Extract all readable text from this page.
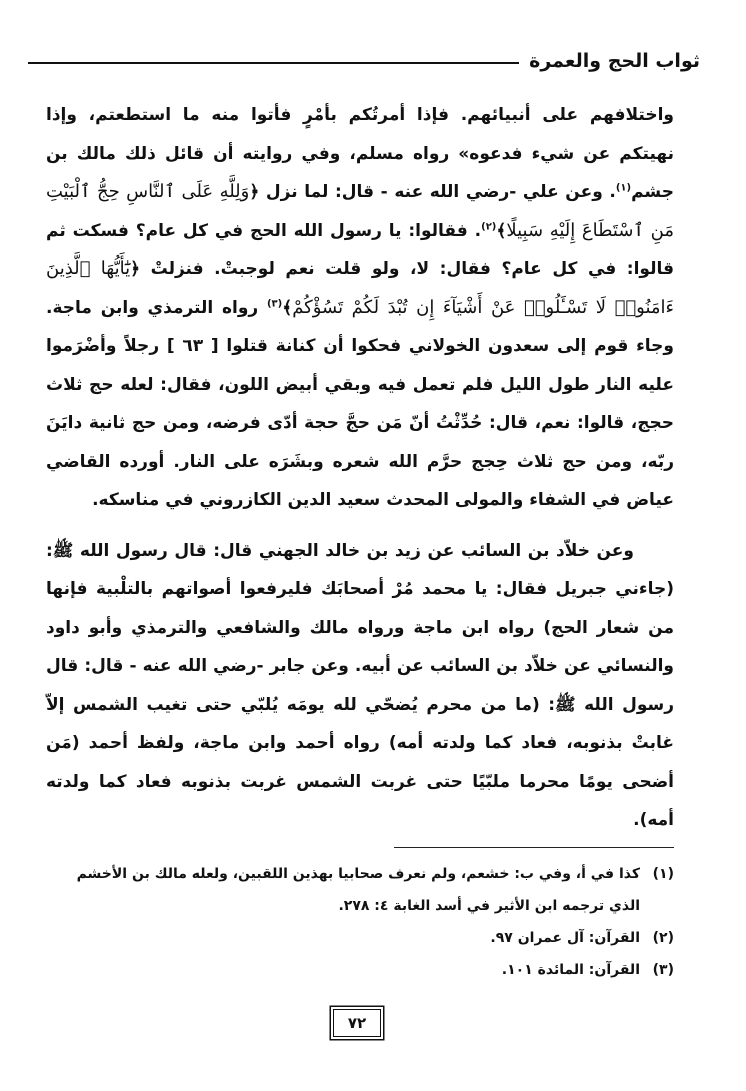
ثواب الحج والعمرة

واختلافهم على أنبيائهم. فإذا أمرتُكم بأمْرٍ فأتوا منه ما استطعتم، وإذا نهيتكم عن شيء فدعوه» رواه مسلم، وفي روايته أن قائل ذلك مالك بن جشم$^{(١)}$. وعن علي -رضي الله عنه - قال: لما نزل ﴿وَلِلَّهِ عَلَى ٱلنَّاسِ حِجُّ ٱلْبَيْتِ مَنِ ٱسْتَطَاعَ إِلَيْهِ سَبِيلًا﴾$^{(٢)}$. فقالوا: يا رسول الله الحج في كل عام؟ فسكت ثم قالوا: في كل عام؟ فقال: لا، ولو قلت نعم لوجبتْ. فنزلتْ ﴿يَٰٓأَيُّهَا ٱلَّذِينَ ءَامَنُوا۟ لَا تَسْـَٔلُوا۟ عَنْ أَشْيَآءَ إِن تُبْدَ لَكُمْ تَسُؤْكُمْ﴾$^{(٣)}$ رواه الترمذي وابن ماجة. وجاء قوم إلى سعدون الخولاني فحكوا أن كنانة قتلوا [ ٦٣ ] رجلاً وأضْرَموا عليه النار طول الليل فلم تعمل فيه وبقي أبيض اللون، فقال: لعله حج ثلاث حجج، قالوا: نعم، قال: حُدِّثْتُ أنّ مَن حجَّ حجة أدّى فرضه، ومن حج ثانية دايَنَ ربّه، ومن حج ثلاث حِجج حرَّم الله شعره وبشَرَه على النار. أورده القاضي عياض في الشفاء والمولى المحدث سعيد الدين الكازروني في مناسكه.

وعن خلاّد بن السائب عن زيد بن خالد الجهني قال: قال رسول الله ﷺ: (جاءني جبريل فقال: يا محمد مُرْ أصحابَك فليرفعوا أصواتهم بالتلْبية فإنها من شعار الحج) رواه ابن ماجة ورواه مالك والشافعي والترمذي وأبو داود والنسائي عن خلاّد بن السائب عن أبيه. وعن جابر -رضي الله عنه - قال: قال رسول الله ﷺ: (ما من محرم يُضحّي لله يومَه يُلبّي حتى تغيب الشمس إلاّ غابتْ بذنوبه، فعاد كما ولدته أمه) رواه أحمد وابن ماجة، ولفظ أحمد (مَن أضحى يومًا محرما ملبّيًا حتى غربت الشمس غربت بذنوبه فعاد كما ولدته أمه).

(١)
كذا في أ، وفي ب: خشعم، ولم نعرف صحابيا بهذين اللقبين، ولعله مالك بن الأخشم
الذي ترجمه ابن الأثير في أسد الغابة ٤: ٢٧٨.
(٢)
القرآن: آل عمران ٩٧.
(٣)
القرآن: المائدة ١٠١.
٧٢
